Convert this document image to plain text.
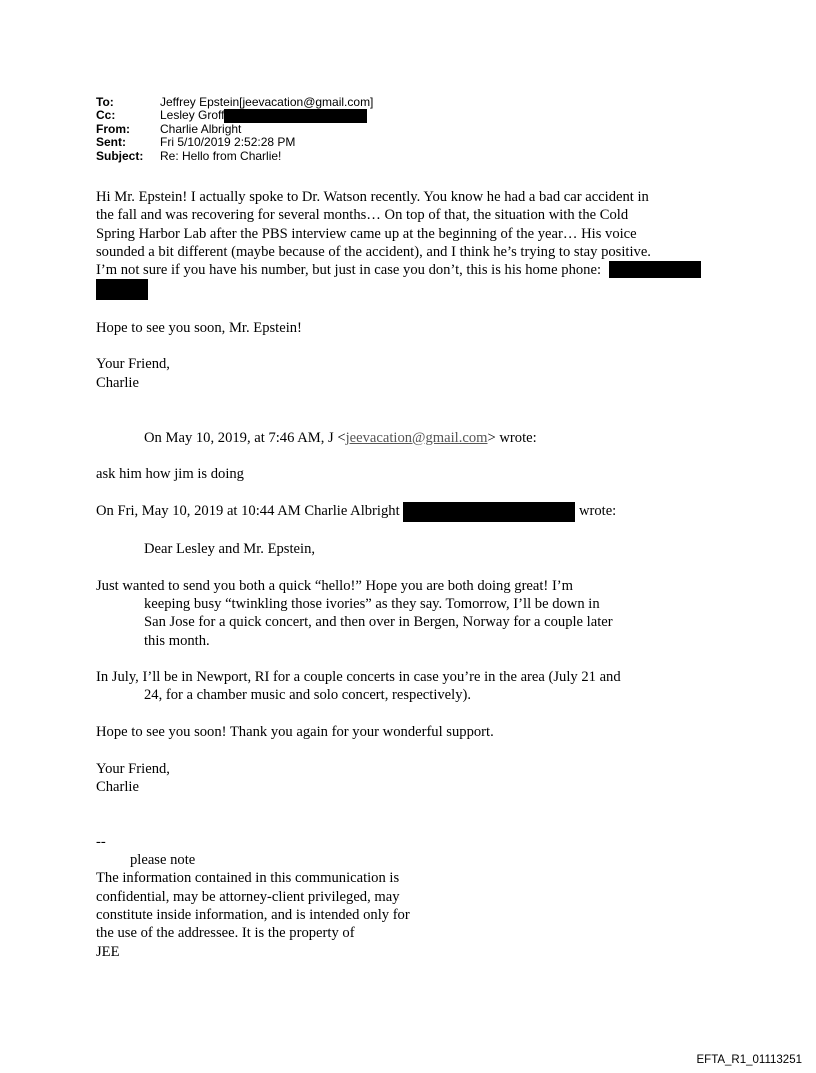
To:	Jeffrey Epstein[jeevacation@gmail.com]
Cc:	Lesley Groff
From:	Charlie Albright
Sent:	Fri 5/10/2019 2:52:28 PM
Subject:	Re: Hello from Charlie!

Hi Mr. Epstein! I actually spoke to Dr. Watson recently. You know he had a bad car accident in

the fall and was recovering for several months… On top of that, the situation with the Cold

Spring Harbor Lab after the PBS interview came up at the beginning of the year… His voice

sounded a bit different (maybe because of the accident), and I think he’s trying to stay positive.

I’m not sure if you have his number, but just in case you don’t, this is his home phone:

Hope to see you soon, Mr. Epstein!

Your Friend,

Charlie

On May 10, 2019, at 7:46 AM, J <jeevacation@gmail.com> wrote:

ask him how jim is doing

On Fri, May 10, 2019 at 10:44 AM Charlie Albright	wrote:

Dear Lesley and Mr. Epstein,

Just wanted to send you both a quick “hello!” Hope you are both doing great! I’m

keeping busy “twinkling those ivories” as they say. Tomorrow, I’ll be down in

San Jose for a quick concert, and then over in Bergen, Norway for a couple later

this month.

In July, I’ll be in Newport, RI for a couple concerts in case you’re in the area (July 21 and

24, for a chamber music and solo concert, respectively).

Hope to see you soon! Thank you again for your wonderful support.

Your Friend,

Charlie

--

please note

The information contained in this communication is

confidential, may be attorney-client privileged, may

constitute inside information, and is intended only for

the use of the addressee. It is the property of

JEE

EFTA_R1_01113251
